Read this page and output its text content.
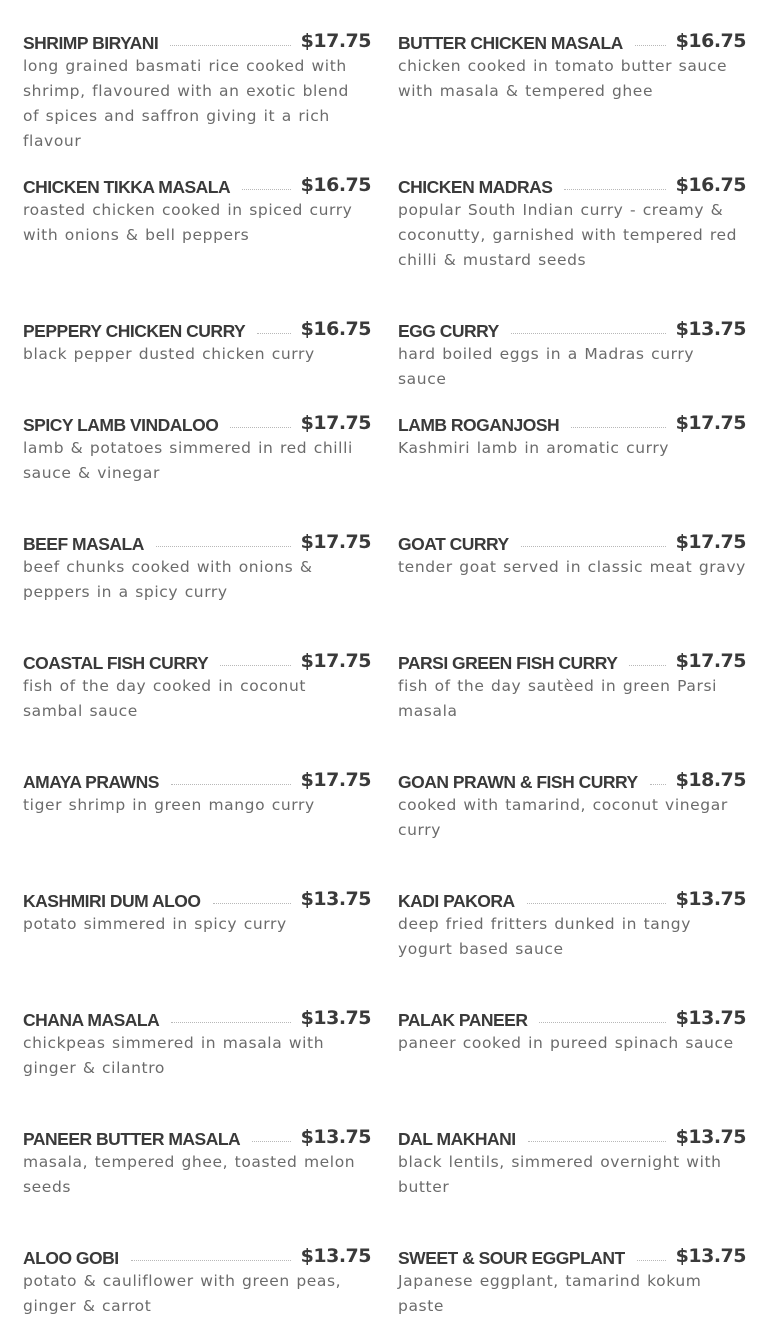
SHRIMP BIRYANI	$17.75
long grained basmati rice cooked with shrimp, flavoured with an exotic blend of spices and saffron giving it a rich flavour
BUTTER CHICKEN MASALA	$16.75
chicken cooked in tomato butter sauce with masala & tempered ghee
CHICKEN TIKKA MASALA	$16.75
roasted chicken cooked in spiced curry with onions & bell peppers
CHICKEN MADRAS	$16.75
popular South Indian curry - creamy & coconutty, garnished with tempered red chilli & mustard seeds
PEPPERY CHICKEN CURRY	$16.75
black pepper dusted chicken curry
EGG CURRY	$13.75
hard boiled eggs in a Madras curry sauce
SPICY LAMB VINDALOO	$17.75
lamb & potatoes simmered in red chilli sauce & vinegar
LAMB ROGANJOSH	$17.75
Kashmiri lamb in aromatic curry
BEEF MASALA	$17.75
beef chunks cooked with onions & peppers in a spicy curry
GOAT CURRY	$17.75
tender goat served in classic meat gravy
COASTAL FISH CURRY	$17.75
fish of the day cooked in coconut sambal sauce
PARSI GREEN FISH CURRY	$17.75
fish of the day sautèed in green Parsi masala
AMAYA PRAWNS	$17.75
tiger shrimp in green mango curry
GOAN PRAWN & FISH CURRY $18.75
cooked with tamarind, coconut vinegar curry
KASHMIRI DUM ALOO	$13.75
potato simmered in spicy curry
KADI PAKORA	$13.75
deep fried fritters dunked in tangy yogurt based sauce
CHANA MASALA	$13.75
chickpeas simmered in masala with ginger & cilantro
PALAK PANEER	$13.75
paneer cooked in pureed spinach sauce
PANEER BUTTER MASALA	$13.75
masala, tempered ghee, toasted melon seeds
DAL MAKHANI	$13.75
black lentils, simmered overnight with butter
ALOO GOBI	$13.75
potato & cauliflower with green peas, ginger & carrot
SWEET & SOUR EGGPLANT	$13.75
Japanese eggplant, tamarind kokum paste
